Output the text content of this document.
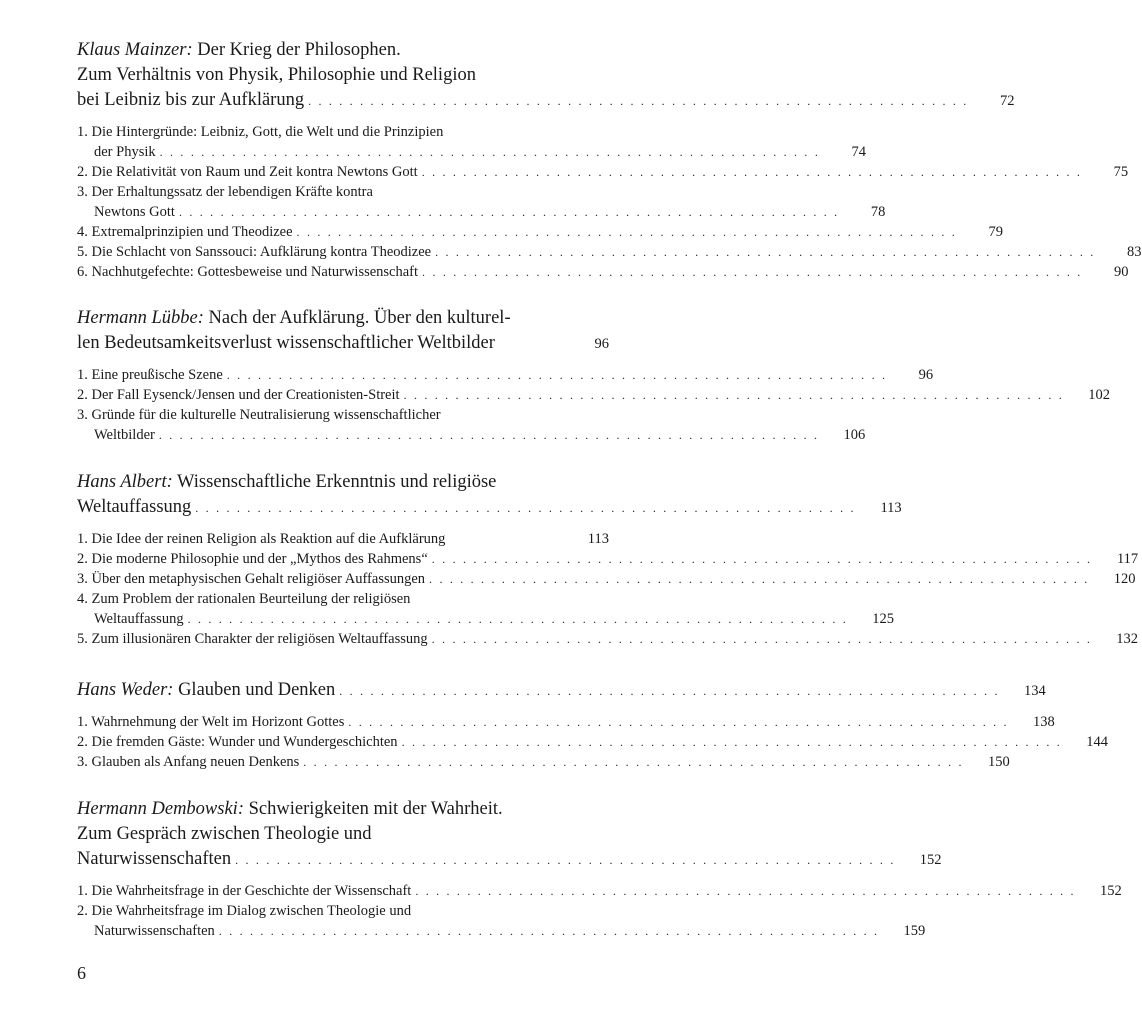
Klaus Mainzer: Der Krieg der Philosophen.
Zum Verhältnis von Physik, Philosophie und Religion
bei Leibniz bis zur Aufklärung . . . . . . . . . . . . . . . . . . . . . . . . . . . . . . . . . . . . . . . . . . . . . . . . . . . . . . . . . . . . . . . .	72
1. Die Hintergründe: Leibniz, Gott, die Welt und die Prinzipien
der Physik . . . . . . . . . . . . . . . . . . . . . . . . . . . . . . . . . . . . . . . . . . . . . . . . . . . . . . . . . . . . . . . .	74
2. Die Relativität von Raum und Zeit kontra Newtons Gott . . . . . . . . . . . . . . . . . . . . . . . . . . . . . . . . . . . . . . . . . . . . . . . . . . . . . . . . . . . . . . . .	75
3. Der Erhaltungssatz der lebendigen Kräfte kontra
Newtons Gott . . . . . . . . . . . . . . . . . . . . . . . . . . . . . . . . . . . . . . . . . . . . . . . . . . . . . . . . . . . . . . . .	78
4. Extremalprinzipien und Theodizee . . . . . . . . . . . . . . . . . . . . . . . . . . . . . . . . . . . . . . . . . . . . . . . . . . . . . . . . . . . . . . . .	79
5. Die Schlacht von Sanssouci: Aufklärung kontra Theodizee . . . . . . . . . . . . . . . . . . . . . . . . . . . . . . . . . . . . . . . . . . . . . . . . . . . . . . . . . . . . . . . .	83
6. Nachhutgefechte: Gottesbeweise und Naturwissenschaft . . . . . . . . . . . . . . . . . . . . . . . . . . . . . . . . . . . . . . . . . . . . . . . . . . . . . . . . . . . . . . . .	90
Hermann Lübbe: Nach der Aufklärung. Über den kulturel-
len Bedeutsamkeitsverlust wissenschaftlicher Weltbilder	96
1. Eine preußische Szene . . . . . . . . . . . . . . . . . . . . . . . . . . . . . . . . . . . . . . . . . . . . . . . . . . . . . . . . . . . . . . . .	96
2. Der Fall Eysenck/Jensen und der Creationisten-Streit . . . . . . . . . . . . . . . . . . . . . . . . . . . . . . . . . . . . . . . . . . . . . . . . . . . . . . . . . . . . . . . .	102
3. Gründe für die kulturelle Neutralisierung wissenschaftlicher
Weltbilder . . . . . . . . . . . . . . . . . . . . . . . . . . . . . . . . . . . . . . . . . . . . . . . . . . . . . . . . . . . . . . . .	106
Hans Albert: Wissenschaftliche Erkenntnis und religiöse
Weltauffassung . . . . . . . . . . . . . . . . . . . . . . . . . . . . . . . . . . . . . . . . . . . . . . . . . . . . . . . . . . . . . . . .	113
1. Die Idee der reinen Religion als Reaktion auf die Aufklärung	113
2. Die moderne Philosophie und der „Mythos des Rahmens“ . . . . . . . . . . . . . . . . . . . . . . . . . . . . . . . . . . . . . . . . . . . . . . . . . . . . . . . . . . . . . . . .	117
3. Über den metaphysischen Gehalt religiöser Auffassungen . . . . . . . . . . . . . . . . . . . . . . . . . . . . . . . . . . . . . . . . . . . . . . . . . . . . . . . . . . . . . . . .	120
4. Zum Problem der rationalen Beurteilung der religiösen
Weltauffassung . . . . . . . . . . . . . . . . . . . . . . . . . . . . . . . . . . . . . . . . . . . . . . . . . . . . . . . . . . . . . . . .	125
5. Zum illusionären Charakter der religiösen Weltauffassung . . . . . . . . . . . . . . . . . . . . . . . . . . . . . . . . . . . . . . . . . . . . . . . . . . . . . . . . . . . . . . . .	132
Hans Weder: Glauben und Denken . . . . . . . . . . . . . . . . . . . . . . . . . . . . . . . . . . . . . . . . . . . . . . . . . . . . . . . . . . . . . . . .	134
1. Wahrnehmung der Welt im Horizont Gottes . . . . . . . . . . . . . . . . . . . . . . . . . . . . . . . . . . . . . . . . . . . . . . . . . . . . . . . . . . . . . . . .	138
2. Die fremden Gäste: Wunder und Wundergeschichten . . . . . . . . . . . . . . . . . . . . . . . . . . . . . . . . . . . . . . . . . . . . . . . . . . . . . . . . . . . . . . . .	144
3. Glauben als Anfang neuen Denkens . . . . . . . . . . . . . . . . . . . . . . . . . . . . . . . . . . . . . . . . . . . . . . . . . . . . . . . . . . . . . . . .	150
Hermann Dembowski: Schwierigkeiten mit der Wahrheit.
Zum Gespräch zwischen Theologie und
Naturwissenschaften . . . . . . . . . . . . . . . . . . . . . . . . . . . . . . . . . . . . . . . . . . . . . . . . . . . . . . . . . . . . . . . .	152
1. Die Wahrheitsfrage in der Geschichte der Wissenschaft . . . . . . . . . . . . . . . . . . . . . . . . . . . . . . . . . . . . . . . . . . . . . . . . . . . . . . . . . . . . . . . .	152
2. Die Wahrheitsfrage im Dialog zwischen Theologie und
Naturwissenschaften . . . . . . . . . . . . . . . . . . . . . . . . . . . . . . . . . . . . . . . . . . . . . . . . . . . . . . . . . . . . . . . .	159
6
